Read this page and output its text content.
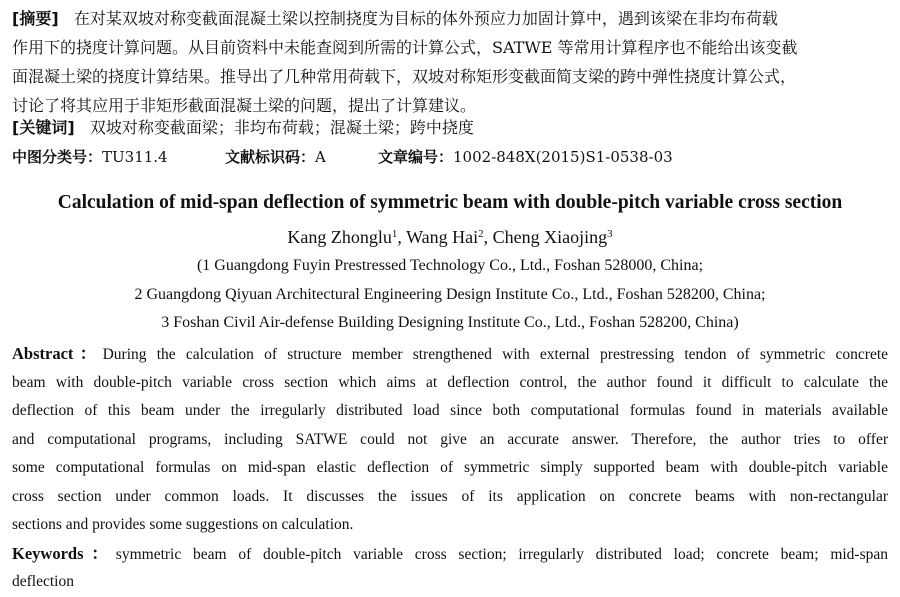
[摘要] 在对某双坡对称变截面混凝土梁以控制挠度为目标的体外预应力加固计算中，遇到该梁在非均布荷载
作用下的挠度计算问题。从目前资料中未能查阅到所需的计算公式，SATWE 等常用计算程序也不能给出该变截
面混凝土梁的挠度计算结果。推导出了几种常用荷载下，双坡对称矩形变截面简支梁的跨中弹性挠度计算公式，
讨论了将其应用于非矩形截面混凝土梁的问题，提出了计算建议。
[关键词] 双坡对称变截面梁；非均布荷载；混凝土梁；跨中挠度
中图分类号：TU311.4	文献标识码：A	文章编号：1002-848X(2015)S1-0538-03
Calculation of mid-span deflection of symmetric beam with double-pitch variable cross section
Kang Zhonglu$^1$, Wang Hai$^2$, Cheng Xiaojing$^3$
(1 Guangdong Fuyin Prestressed Technology Co., Ltd., Foshan 528000, China;
2 Guangdong Qiyuan Architectural Engineering Design Institute Co., Ltd., Foshan 528200, China;
3 Foshan Civil Air-defense Building Designing Institute Co., Ltd., Foshan 528200, China)
Abstract：During the calculation of structure member strengthened with external prestressing tendon of symmetric concrete
beam with double-pitch variable cross section which aims at deflection control, the author found it difficult to calculate the
deflection of this beam under the irregularly distributed load since both computational formulas found in materials available
and computational programs, including SATWE could not give an accurate answer. Therefore, the author tries to offer
some computational formulas on mid-span elastic deflection of symmetric simply supported beam with double-pitch variable
cross section under common loads. It discusses the issues of its application on concrete beams with non-rectangular
sections and provides some suggestions on calculation.
Keywords：symmetric beam of double-pitch variable cross section; irregularly distributed load; concrete beam; mid-span
deflection
